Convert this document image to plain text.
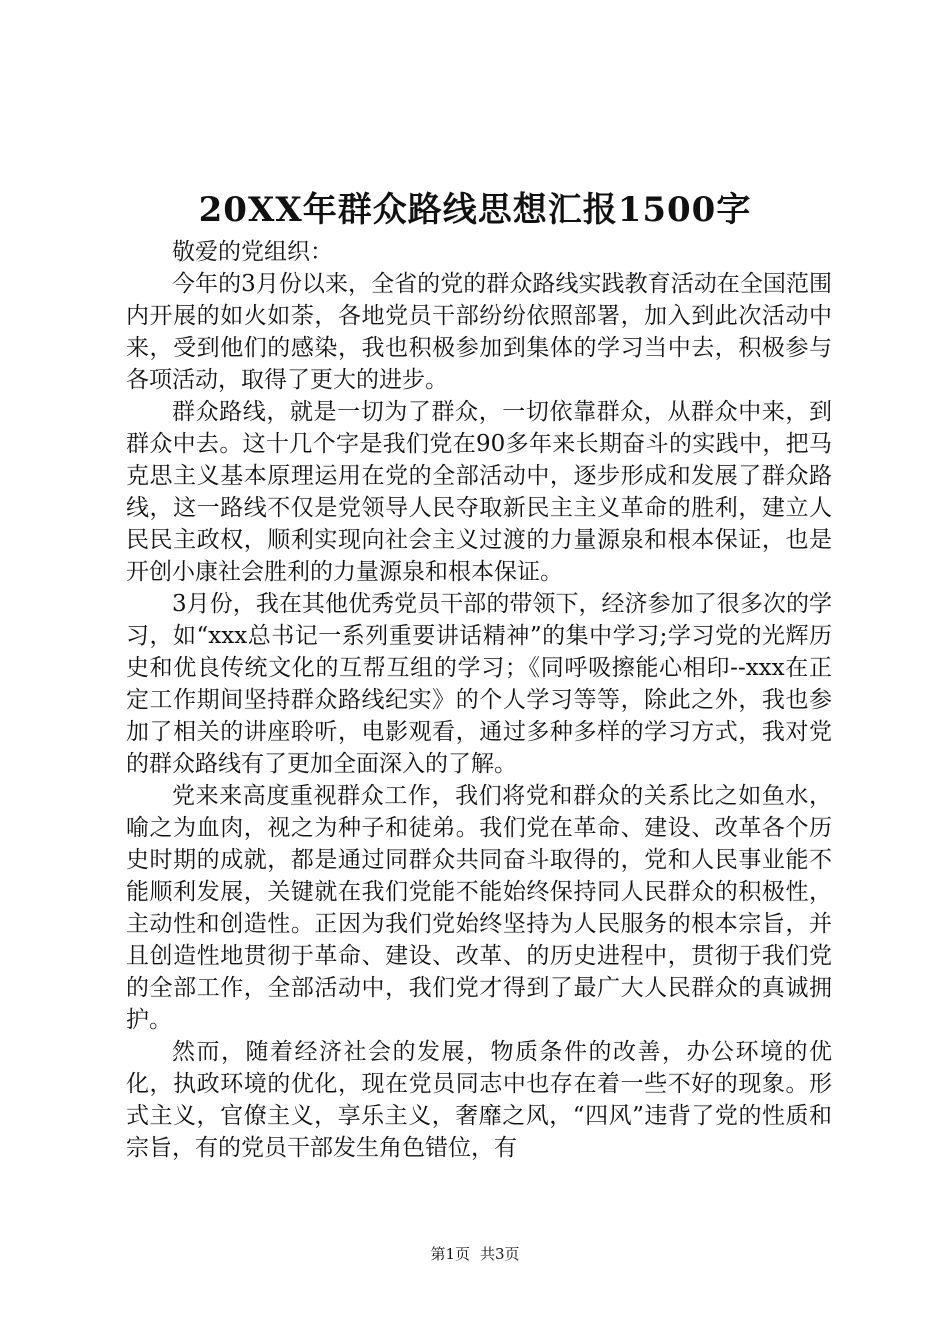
20XX年群众路线思想汇报1500字

敬爱的党组织：

今年的3月份以来，全省的党的群众路线实践教育活动在全国范围内开展的如火如荼，各地党员干部纷纷依照部署，加入到此次活动中来，受到他们的感染，我也积极参加到集体的学习当中去，积极参与各项活动，取得了更大的进步。

群众路线，就是一切为了群众，一切依靠群众，从群众中来，到群众中去。这十几个字是我们党在90多年来长期奋斗的实践中，把马克思主义基本原理运用在党的全部活动中，逐步形成和发展了群众路线，这一路线不仅是党领导人民夺取新民主主义革命的胜利，建立人民民主政权，顺利实现向社会主义过渡的力量源泉和根本保证，也是开创小康社会胜利的力量源泉和根本保证。

3月份，我在其他优秀党员干部的带领下，经济参加了很多次的学习，如“xxx总书记一系列重要讲话精神”的集中学习;学习党的光辉历史和优良传统文化的互帮互组的学习；《同呼吸擦能心相印--xxx在正定工作期间坚持群众路线纪实》的个人学习等等，除此之外，我也参加了相关的讲座聆听，电影观看，通过多种多样的学习方式，我对党的群众路线有了更加全面深入的了解。

党来来高度重视群众工作，我们将党和群众的关系比之如鱼水，喻之为血肉，视之为种子和徒弟。我们党在革命、建设、改革各个历史时期的成就，都是通过同群众共同奋斗取得的，党和人民事业能不能顺利发展，关键就在我们党能不能始终保持同人民群众的积极性，主动性和创造性。正因为我们党始终坚持为人民服务的根本宗旨，并且创造性地贯彻于革命、建设、改革、的历史进程中，贯彻于我们党的全部工作，全部活动中，我们党才得到了最广大人民群众的真诚拥护。

然而，随着经济社会的发展，物质条件的改善，办公环境的优化，执政环境的优化，现在党员同志中也存在着一些不好的现象。形式主义，官僚主义，享乐主义，奢靡之风，“四风”违背了党的性质和宗旨，有的党员干部发生角色错位，有

第1页 共3页
